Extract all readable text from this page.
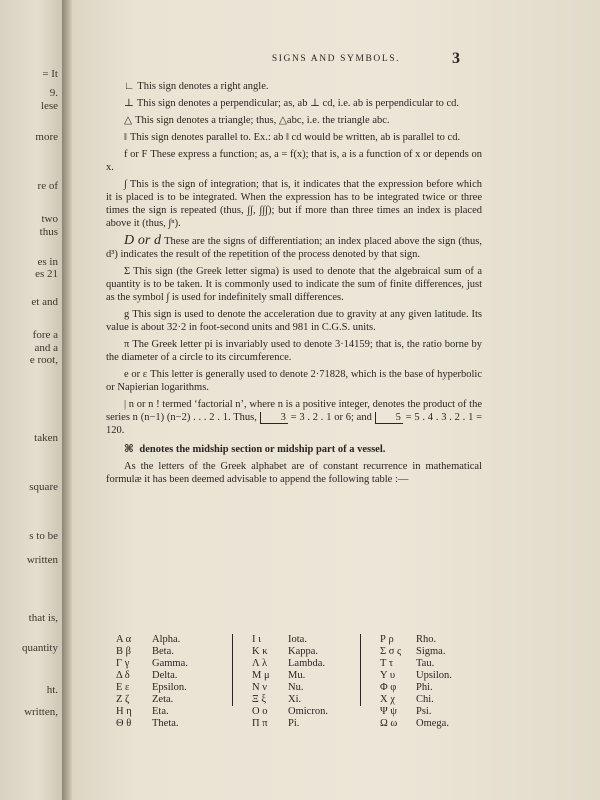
= It
9.
lese
more
re of
two
thus
es in
es 21
et and
fore a
and a
e root,
taken
square
s to be
written
that is,
quantity
ht.
written,
SIGNS AND SYMBOLS.	3

∟ This sign denotes a right angle.

⊥ This sign denotes a perpendicular; as, ab ⊥ cd, i.e. ab is perpendicular to cd.

△ This sign denotes a triangle; thus, △abc, i.e. the triangle abc.

‖ This sign denotes parallel to. Ex.: ab ‖ cd would be written, ab is parallel to cd.

f or F These express a function; as, a = f(x); that is, a is a function of x or depends on x.

∫ This is the sign of integration; that is, it indicates that the expression before which it is placed is to be integrated. When the expression has to be integrated twice or three times the sign is repeated (thus, ∫∫, ∫∫∫); but if more than three times an index is placed above it (thus, ∫ⁿ).

D or d These are the signs of differentiation; an index placed above the sign (thus, d³) indicates the result of the repetition of the process denoted by that sign.

Σ This sign (the Greek letter sigma) is used to denote that the algebraical sum of a quantity is to be taken. It is commonly used to indicate the sum of finite differences, just as the symbol ∫ is used for indefinitely small differences.

g This sign is used to denote the acceleration due to gravity at any given latitude. Its value is about 32·2 in foot-second units and 981 in C.G.S. units.

π The Greek letter pi is invariably used to denote 3·14159; that is, the ratio borne by the diameter of a circle to its circumference.

e or ε This letter is generally used to denote 2·71828, which is the base of hyperbolic or Napierian logarithms.

| n or n ! termed ‘factorial n’, where n is a positive integer, denotes the product of the series n (n−1) (n−2) . . . 2 . 1. Thus, 3 = 3 . 2 . 1 or 6; and 5 = 5 . 4 . 3 . 2 . 1 = 120.

⌘ denotes the midship section or midship part of a vessel.

As the letters of the Greek alphabet are of constant recurrence in mathematical formulæ it has been deemed advisable to append the following table :—

Α α Alpha.
Β β Beta.
Γ γ Gamma.
Δ δ Delta.
Ε ε Epsilon.
Ζ ζ Zeta.
Η η Eta.
Θ θ Theta.
Ι ι	Iota.
Κ κ Kappa.
Λ λ Lambda.
Μ μ Mu.
Ν ν Nu.
Ξ ξ Xi.
Ο ο Omicron.
Π π Pi.
Ρ ρ Rho.
Σ σ ς Sigma.
Τ τ Tau.
Υ υ Upsilon.
Φ φ Phi.
Χ χ Chi.
Ψ ψ Psi.
Ω ω Omega.
